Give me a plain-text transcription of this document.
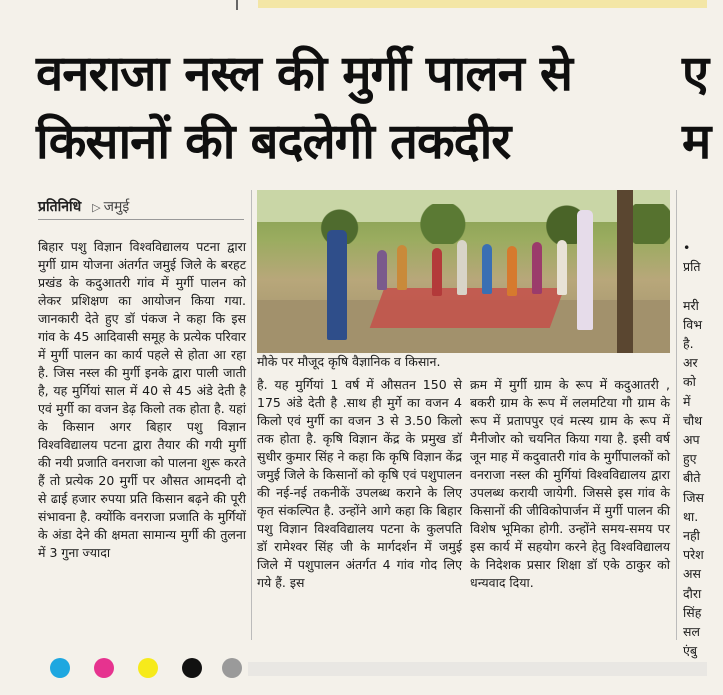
वनराजा नस्ल की मुर्गी पालन से किसानों की बदलेगी तकदीर
ए
म
प्रतिनिधि ▷ जमुई
मौके पर मौजूद कृषि वैज्ञानिक व किसान.
बिहार पशु विज्ञान विश्वविद्यालय पटना द्वारा मुर्गी ग्राम योजना अंतर्गत जमुई जिले के बरहट प्रखंड के कदुआतरी गांव में मुर्गी पालन को लेकर प्रशिक्षण का आयोजन किया गया. जानकारी देते हुए डॉ पंकज ने कहा कि इस गांव के 45 आदिवासी समूह के प्रत्येक परिवार में मुर्गी पालन का कार्य पहले से होता आ रहा है. जिस नस्ल की मुर्गी इनके द्वारा पाली जाती है, यह मुर्गियां साल में 40 से 45 अंडे देती है एवं मुर्गी का वजन डेढ़ किलो तक होता है. यहां के किसान अगर बिहार पशु विज्ञान विश्वविद्यालय पटना द्वारा तैयार की गयी मुर्गी की नयी प्रजाति वनराजा को पालना शुरू करते हैं तो प्रत्येक 20 मुर्गी पर औसत आमदनी दो से ढाई हजार रुपया प्रति किसान बढ़ने की पूरी संभावना है. क्योंकि वनराजा प्रजाति के मुर्गियों के अंडा देने की क्षमता सामान्य मुर्गी की तुलना में 3 गुना ज्यादा
है. यह मुर्गियां 1 वर्ष में औसतन 150 से 175 अंडे देती है .साथ ही मुर्गे का वजन 4 किलो एवं मुर्गी का वजन 3 से 3.50 किलो तक होता है. कृषि विज्ञान केंद्र के प्रमुख डॉ सुधीर कुमार सिंह ने कहा कि कृषि विज्ञान केंद्र जमुई जिले के किसानों को कृषि एवं पशुपालन की नई-नई तकनीकें उपलब्ध कराने के लिए कृत संकल्पित है. उन्होंने आगे कहा कि बिहार पशु विज्ञान विश्वविद्यालय पटना के कुलपति डॉ रामेश्वर सिंह जी के मार्गदर्शन में जमुई जिले में पशुपालन अंतर्गत 4 गांव गोद लिए गये हैं. इस
क्रम में मुर्गी ग्राम के रूप में कदुआतरी , बकरी ग्राम के रूप में ललमटिया गौ ग्राम के रूप में प्रतापपुर एवं मत्स्य ग्राम के रूप में मैनीजोर को चयनित किया गया है. इसी वर्ष जून माह में कदुवातरी गांव के मुर्गीपालकों को वनराजा नस्ल की मुर्गियां विश्वविद्यालय द्वारा उपलब्ध करायी जायेगी. जिससे इस गांव के किसानों की जीविकोपार्जन में मुर्गी पालन की विशेष भूमिका होगी. उन्होंने समय-समय पर इस कार्य में सहयोग करने हेतु विश्वविद्यालय के निदेशक प्रसार शिक्षा डॉ एके ठाकुर को धन्यवाद दिया.
•
प्रति

मरी
विभ
है.
अर
को
में
चौथ
अप
हुए
बीते
जिस
था.
नही
परेश
अस
दौरा
सिंह
सल
एंबु
